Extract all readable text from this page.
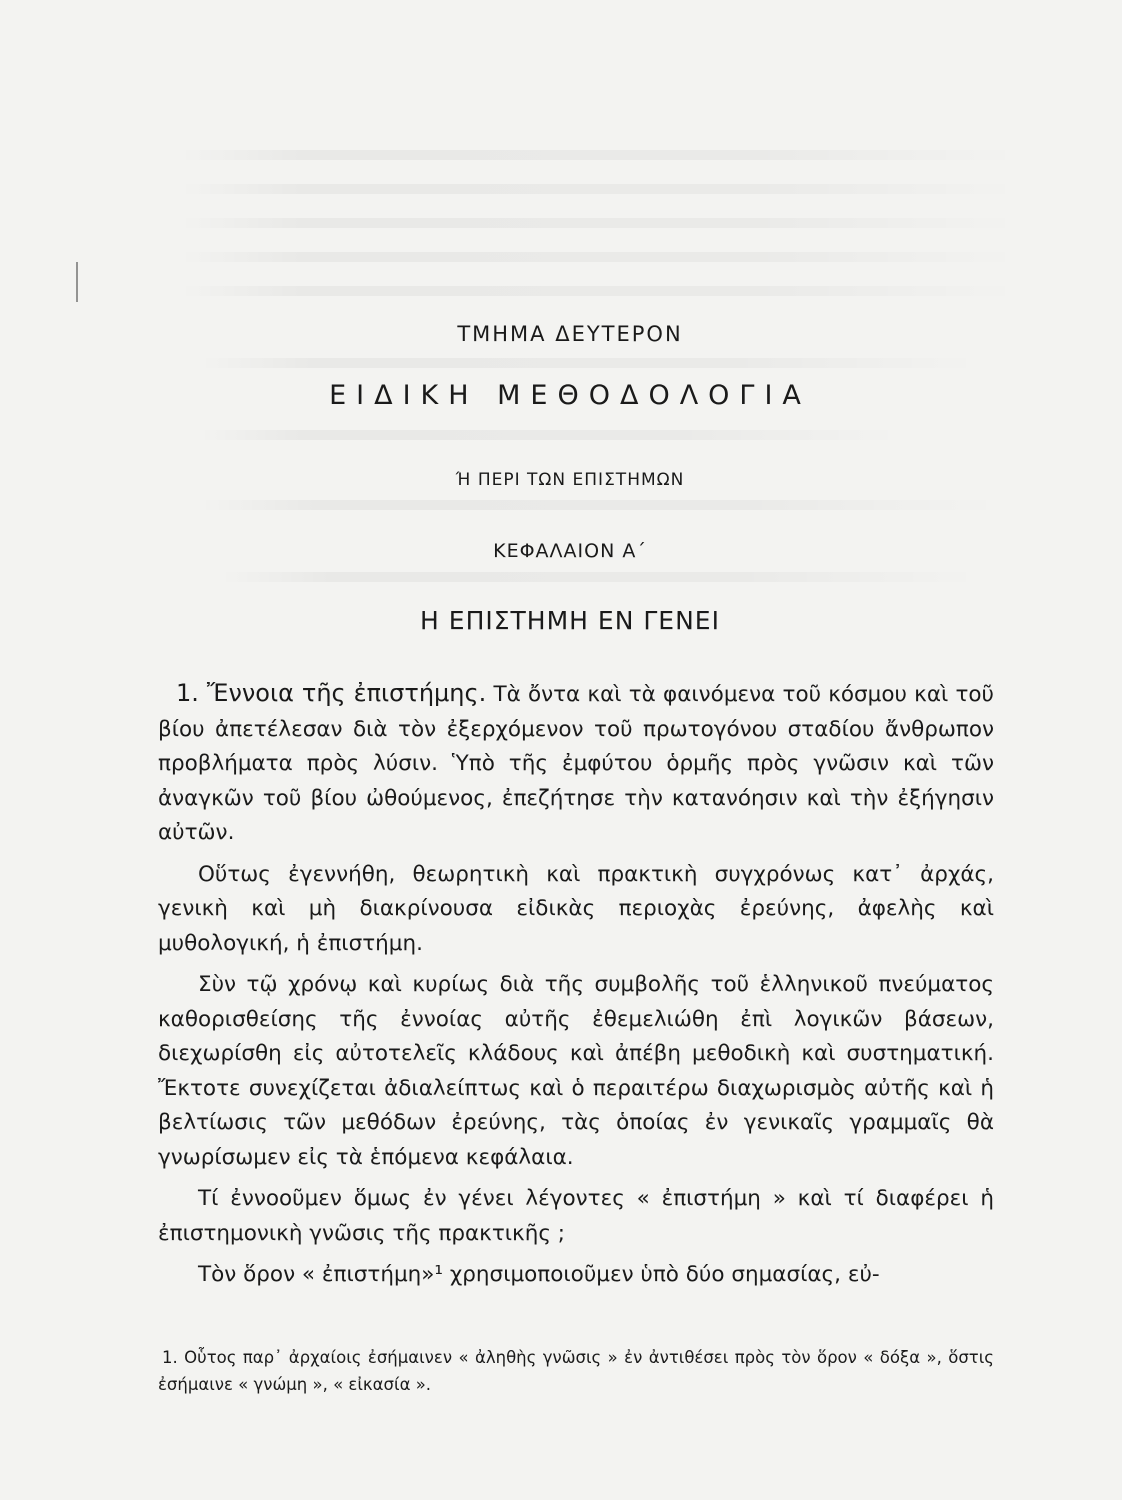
ΤΜΗΜΑ ΔΕΥΤΕΡΟΝ
ΕΙΔΙΚΗ ΜΕΘΟΔΟΛΟΓΙΑ
Ή ΠΕΡΙ ΤΩΝ ΕΠΙΣΤΗΜΩΝ
ΚΕΦΑΛΑΙΟΝ Α΄
Η ΕΠΙΣΤΗΜΗ ΕΝ ΓΕΝΕΙ

1. Ἔννοια τῆς ἐπιστήμης. Τὰ ὄντα καὶ τὰ φαινόμενα τοῦ κόσμου καὶ τοῦ βίου ἀπετέλεσαν διὰ τὸν ἐξερχόμενον τοῦ πρωτογόνου σταδίου ἄνθρωπον προβλήματα πρὸς λύσιν. Ὑπὸ τῆς ἐμφύτου ὁρμῆς πρὸς γνῶσιν καὶ τῶν ἀναγκῶν τοῦ βίου ὠθούμενος, ἐπεζήτησε τὴν κατανόησιν καὶ τὴν ἐξήγησιν αὐτῶν.

Οὕτως ἐγεννήθη, θεωρητικὴ καὶ πρακτικὴ συγχρόνως κατ᾿ ἀρχάς, γενικὴ καὶ μὴ διακρίνουσα εἰδικὰς περιοχὰς ἐρεύνης, ἀφελὴς καὶ μυθολογική, ἡ ἐπιστήμη.

Σὺν τῷ χρόνῳ καὶ κυρίως διὰ τῆς συμβολῆς τοῦ ἑλληνικοῦ πνεύματος καθορισθείσης τῆς ἐννοίας αὐτῆς ἐθεμελιώθη ἐπὶ λογικῶν βάσεων, διεχωρίσθη εἰς αὐτοτελεῖς κλάδους καὶ ἀπέβη μεθοδικὴ καὶ συστηματική. Ἔκτοτε συνεχίζεται ἀδιαλείπτως καὶ ὁ περαιτέρω διαχωρισμὸς αὐτῆς καὶ ἡ βελτίωσις τῶν μεθόδων ἐρεύνης, τὰς ὁποίας ἐν γενικαῖς γραμμαῖς θὰ γνωρίσωμεν εἰς τὰ ἑπόμενα κεφάλαια.

Τί ἐννοοῦμεν ὅμως ἐν γένει λέγοντες « ἐπιστήμη » καὶ τί διαφέρει ἡ ἐπιστημονικὴ γνῶσις τῆς πρακτικῆς ;

Τὸν ὅρον « ἐπιστήμη»¹ χρησιμοποιοῦμεν ὑπὸ δύο σημασίας, εὐ-

1. Οὗτος παρ᾿ ἀρχαίοις ἐσήμαινεν « ἀληθὴς γνῶσις » ἐν ἀντιθέσει πρὸς τὸν ὅρον « δόξα », ὅστις ἐσήμαινε « γνώμη », « εἰκασία ».
